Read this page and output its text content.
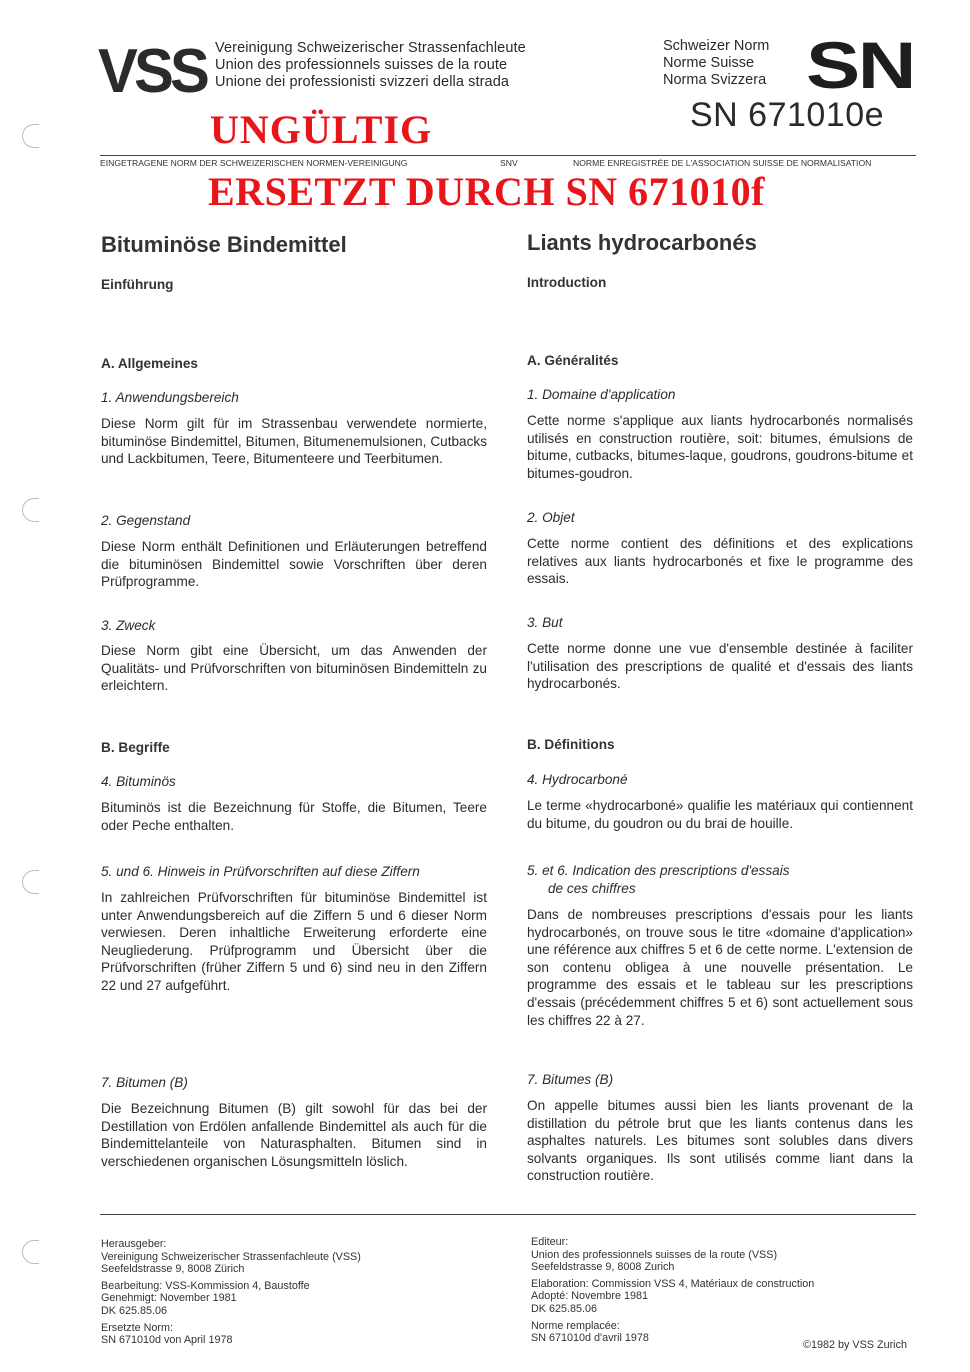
VSS Vereinigung Schweizerischer Strassenfachleute
Union des professionnels suisses de la route
Unione dei professionisti svizzeri della strada
Schweizer Norm
Norme Suisse
Norma Svizzera SN
SN 671010e
UNGÜLTIG
EINGETRAGENE NORM DER SCHWEIZERISCHEN NORMEN-VEREINIGUNG	SNV	NORME ENREGISTRÉE DE L'ASSOCIATION SUISSE DE NORMALISATION
ERSETZT DURCH SN 671010f
Bituminöse Bindemittel
Einführung
A. Allgemeines
1. Anwendungsbereich
Diese Norm gilt für im Strassenbau verwendete normierte, bituminöse Bindemittel, Bitumen, Bitumenemulsionen, Cutbacks und Lackbitumen, Teere, Bitumenteere und Teerbitumen.
2. Gegenstand
Diese Norm enthält Definitionen und Erläuterungen betreffend die bituminösen Bindemittel sowie Vorschriften über deren Prüfprogramme.
3. Zweck
Diese Norm gibt eine Übersicht, um das Anwenden der Qualitäts- und Prüfvorschriften von bituminösen Bindemitteln zu erleichtern.
B. Begriffe
4. Bituminös
Bituminös ist die Bezeichnung für Stoffe, die Bitumen, Teere oder Peche enthalten.
5. und 6. Hinweis in Prüfvorschriften auf diese Ziffern
In zahlreichen Prüfvorschriften für bituminöse Bindemittel ist unter Anwendungsbereich auf die Ziffern 5 und 6 dieser Norm verwiesen. Deren inhaltliche Erweiterung erforderte eine Neugliederung. Prüfprogramm und Übersicht über die Prüfvorschriften (früher Ziffern 5 und 6) sind neu in den Ziffern 22 und 27 aufgeführt.
7. Bitumen (B)
Die Bezeichnung Bitumen (B) gilt sowohl für das bei der Destillation von Erdölen anfallende Bindemittel als auch für die Bindemittelanteile von Naturasphalten. Bitumen sind in verschiedenen organischen Lösungsmitteln löslich.
Liants hydrocarbonés
Introduction
A. Généralités
1. Domaine d'application
Cette norme s'applique aux liants hydrocarbonés normalisés utilisés en construction routière, soit: bitumes, émulsions de bitume, cutbacks, bitumes-laque, goudrons, goudrons-bitume et bitumes-goudron.
2. Objet
Cette norme contient des définitions et des explications relatives aux liants hydrocarbonés et fixe le programme des essais.
3. But
Cette norme donne une vue d'ensemble destinée à faciliter l'utilisation des prescriptions de qualité et d'essais des liants hydrocarbonés.
B. Définitions
4. Hydrocarboné
Le terme «hydrocarboné» qualifie les matériaux qui contiennent du bitume, du goudron ou du brai de houille.
5. et 6. Indication des prescriptions d'essais
de ces chiffres
Dans de nombreuses prescriptions d'essais pour les liants hydrocarbonés, on trouve sous le titre «domaine d'application» une référence aux chiffres 5 et 6 de cette norme. L'extension de son contenu obligea à une nouvelle présentation. Le programme des essais et le tableau sur les prescriptions d'essais (précédemment chiffres 5 et 6) sont actuellement sous les chiffres 22 à 27.
7. Bitumes (B)
On appelle bitumes aussi bien les liants provenant de la distillation du pétrole brut que les liants contenus dans les asphaltes naturels. Les bitumes sont solubles dans divers solvants organiques. Ils sont utilisés comme liant dans la construction routière.
Herausgeber:
Vereinigung Schweizerischer Strassenfachleute (VSS)
Seefeldstrasse 9, 8008 Zürich
Bearbeitung: VSS-Kommission 4, Baustoffe
Genehmigt: November 1981
DK 625.85.06
Ersetzte Norm:
SN 671010d von April 1978
Editeur:
Union des professionnels suisses de la route (VSS)
Seefeldstrasse 9, 8008 Zurich
Elaboration: Commission VSS 4, Matériaux de construction
Adopté: Novembre 1981
DK 625.85.06
Norme remplacée:
SN 671010d d'avril 1978
©1982 by VSS Zurich
